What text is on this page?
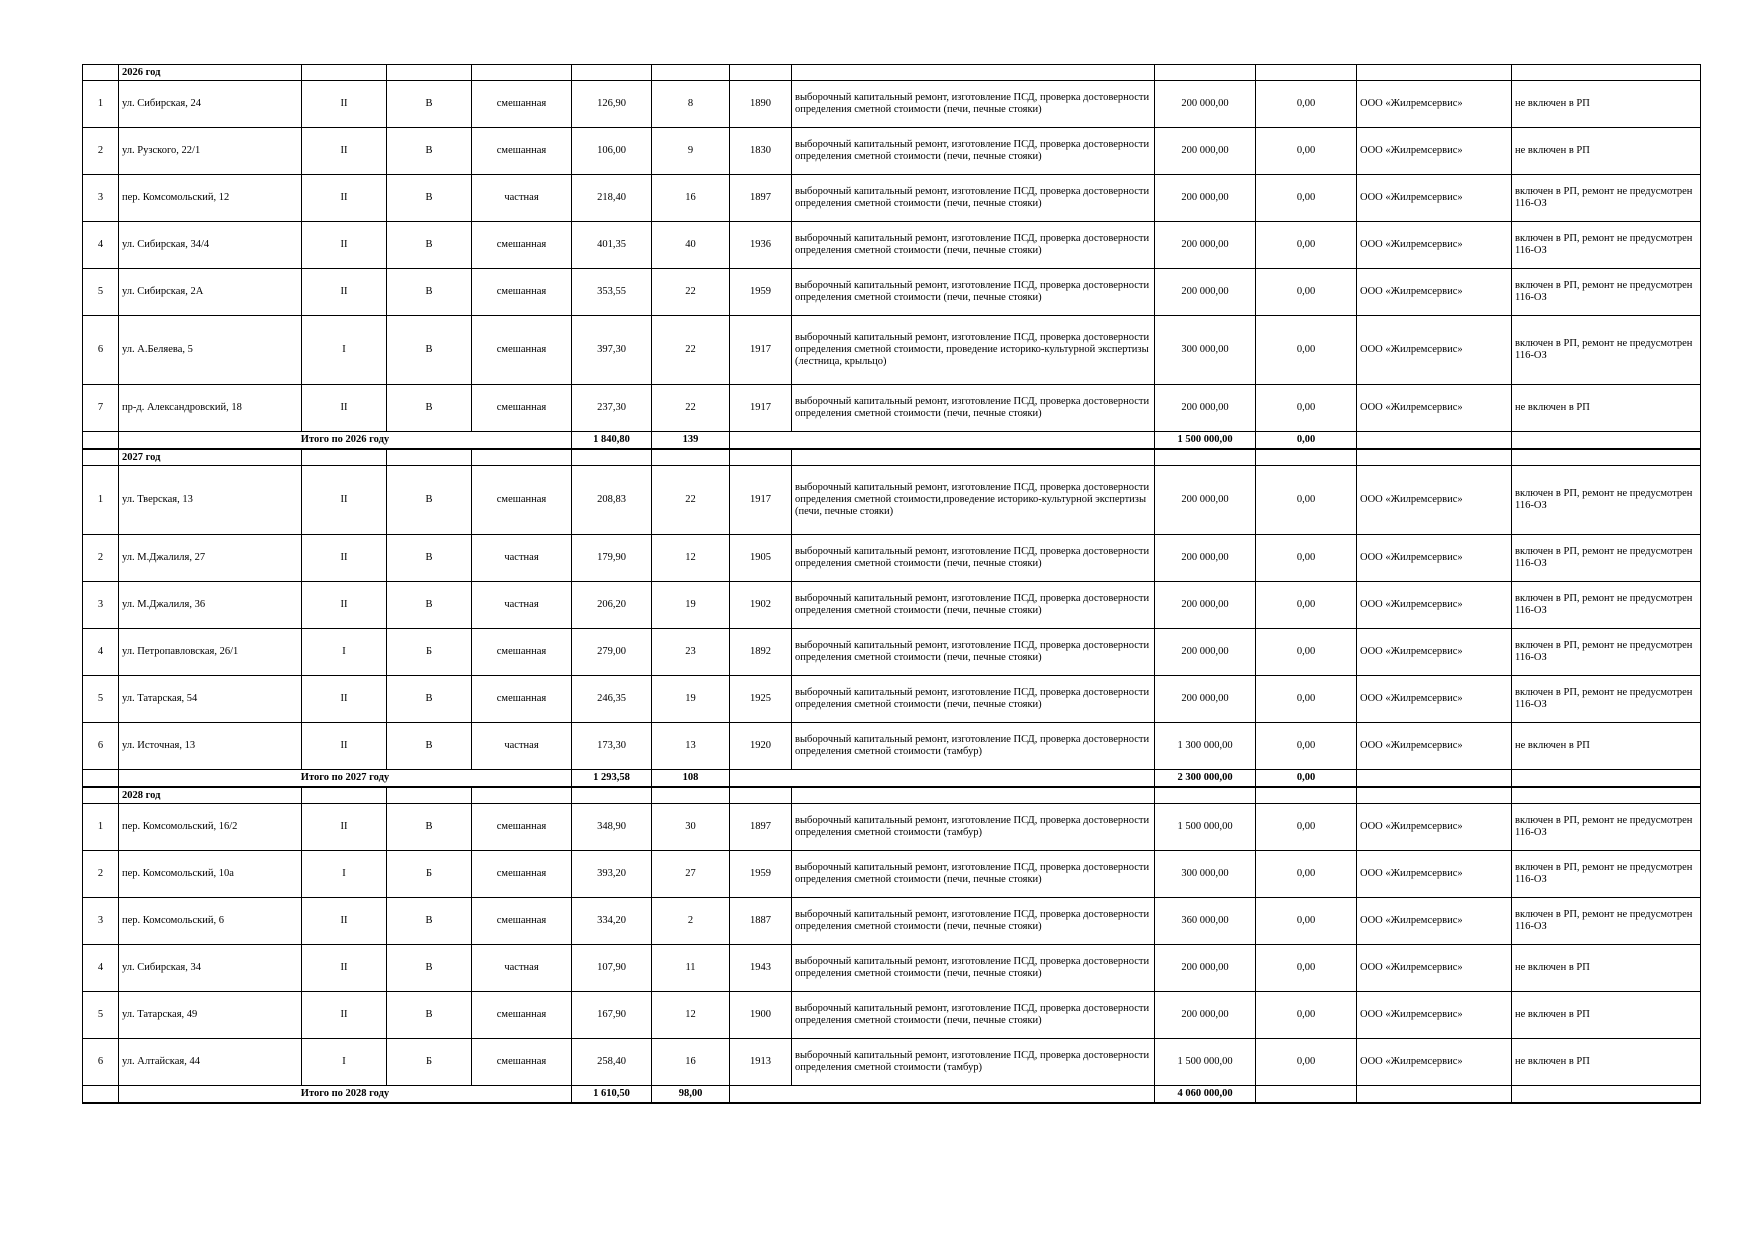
	2026 год											
1	ул. Сибирская, 24	II	В	смешанная	126,90	8	1890	выборочный капитальный ремонт, изготовление ПСД, проверка достоверности определения сметной стоимости (печи, печные стояки)	200 000,00	0,00	ООО «Жилремсервис»	не включен в РП
2	ул. Рузского, 22/1	II	В	смешанная	106,00	9	1830	выборочный капитальный ремонт, изготовление ПСД, проверка достоверности определения сметной стоимости (печи, печные стояки)	200 000,00	0,00	ООО «Жилремсервис»	не включен в РП
3	пер. Комсомольский, 12	II	В	частная	218,40	16	1897	выборочный капитальный ремонт, изготовление ПСД, проверка достоверности определения сметной стоимости (печи, печные стояки)	200 000,00	0,00	ООО «Жилремсервис»	включен в РП, ремонт не предусмотрен 116-ОЗ
4	ул. Сибирская, 34/4	II	В	смешанная	401,35	40	1936	выборочный капитальный ремонт, изготовление ПСД, проверка достоверности определения сметной стоимости (печи, печные стояки)	200 000,00	0,00	ООО «Жилремсервис»	включен в РП, ремонт не предусмотрен 116-ОЗ
5	ул. Сибирская, 2А	II	В	смешанная	353,55	22	1959	выборочный капитальный ремонт, изготовление ПСД, проверка достоверности определения сметной стоимости (печи, печные стояки)	200 000,00	0,00	ООО «Жилремсервис»	включен в РП, ремонт не предусмотрен 116-ОЗ
6	ул. А.Беляева, 5	I	В	смешанная	397,30	22	1917	выборочный капитальный ремонт, изготовление ПСД, проверка достоверности определения сметной стоимости, проведение историко-культурной экспертизы (лестница, крыльцо)	300 000,00	0,00	ООО «Жилремсервис»	включен в РП, ремонт не предусмотрен 116-ОЗ
7	пр-д. Александровский, 18	II	В	смешанная	237,30	22	1917	выборочный капитальный ремонт, изготовление ПСД, проверка достоверности определения сметной стоимости (печи, печные стояки)	200 000,00	0,00	ООО «Жилремсервис»	не включен в РП
	Итого по 2026 году				1 840,80	139			1 500 000,00	0,00		
	2027 год											
1	ул. Тверская, 13	II	В	смешанная	208,83	22	1917	выборочный капитальный ремонт, изготовление ПСД, проверка достоверности определения сметной стоимости,проведение историко-культурной экспертизы (печи, печные стояки)	200 000,00	0,00	ООО «Жилремсервис»	включен в РП, ремонт не предусмотрен 116-ОЗ
2	ул. М.Джалиля, 27	II	В	частная	179,90	12	1905	выборочный капитальный ремонт, изготовление ПСД, проверка достоверности определения сметной стоимости (печи, печные стояки)	200 000,00	0,00	ООО «Жилремсервис»	включен в РП, ремонт не предусмотрен 116-ОЗ
3	ул. М.Джалиля, 36	II	В	частная	206,20	19	1902	выборочный капитальный ремонт, изготовление ПСД, проверка достоверности определения сметной стоимости (печи, печные стояки)	200 000,00	0,00	ООО «Жилремсервис»	включен в РП, ремонт не предусмотрен 116-ОЗ
4	ул. Петропавловская, 26/1	I	Б	смешанная	279,00	23	1892	выборочный капитальный ремонт, изготовление ПСД, проверка достоверности определения сметной стоимости (печи, печные стояки)	200 000,00	0,00	ООО «Жилремсервис»	включен в РП, ремонт не предусмотрен 116-ОЗ
5	ул. Татарская, 54	II	В	смешанная	246,35	19	1925	выборочный капитальный ремонт, изготовление ПСД, проверка достоверности определения сметной стоимости (печи, печные стояки)	200 000,00	0,00	ООО «Жилремсервис»	включен в РП, ремонт не предусмотрен 116-ОЗ
6	ул. Источная, 13	II	В	частная	173,30	13	1920	выборочный капитальный ремонт, изготовление ПСД, проверка достоверности определения сметной стоимости (тамбур)	1 300 000,00	0,00	ООО «Жилремсервис»	не включен в РП
	Итого по 2027 году				1 293,58	108			2 300 000,00	0,00		
	2028 год											
1	пер. Комсомольский, 16/2	II	В	смешанная	348,90	30	1897	выборочный капитальный ремонт, изготовление ПСД, проверка достоверности определения сметной стоимости (тамбур)	1 500 000,00	0,00	ООО «Жилремсервис»	включен в РП, ремонт не предусмотрен 116-ОЗ
2	пер. Комсомольский, 10а	I	Б	смешанная	393,20	27	1959	выборочный капитальный ремонт, изготовление ПСД, проверка достоверности определения сметной стоимости (печи, печные стояки)	300 000,00	0,00	ООО «Жилремсервис»	включен в РП, ремонт не предусмотрен 116-ОЗ
3	пер. Комсомольский, 6	II	В	смешанная	334,20	2	1887	выборочный капитальный ремонт, изготовление ПСД, проверка достоверности определения сметной стоимости (печи, печные стояки)	360 000,00	0,00	ООО «Жилремсервис»	включен в РП, ремонт не предусмотрен 116-ОЗ
4	ул. Сибирская, 34	II	В	частная	107,90	11	1943	выборочный капитальный ремонт, изготовление ПСД, проверка достоверности определения сметной стоимости (печи, печные стояки)	200 000,00	0,00	ООО «Жилремсервис»	не включен в РП
5	ул. Татарская, 49	II	В	смешанная	167,90	12	1900	выборочный капитальный ремонт, изготовление ПСД, проверка достоверности определения сметной стоимости (печи, печные стояки)	200 000,00	0,00	ООО «Жилремсервис»	не включен в РП
6	ул. Алтайская, 44	I	Б	смешанная	258,40	16	1913	выборочный капитальный ремонт, изготовление ПСД, проверка достоверности определения сметной стоимости (тамбур)	1 500 000,00	0,00	ООО «Жилремсервис»	не включен в РП
	Итого по 2028 году				1 610,50	98,00			4 060 000,00			
